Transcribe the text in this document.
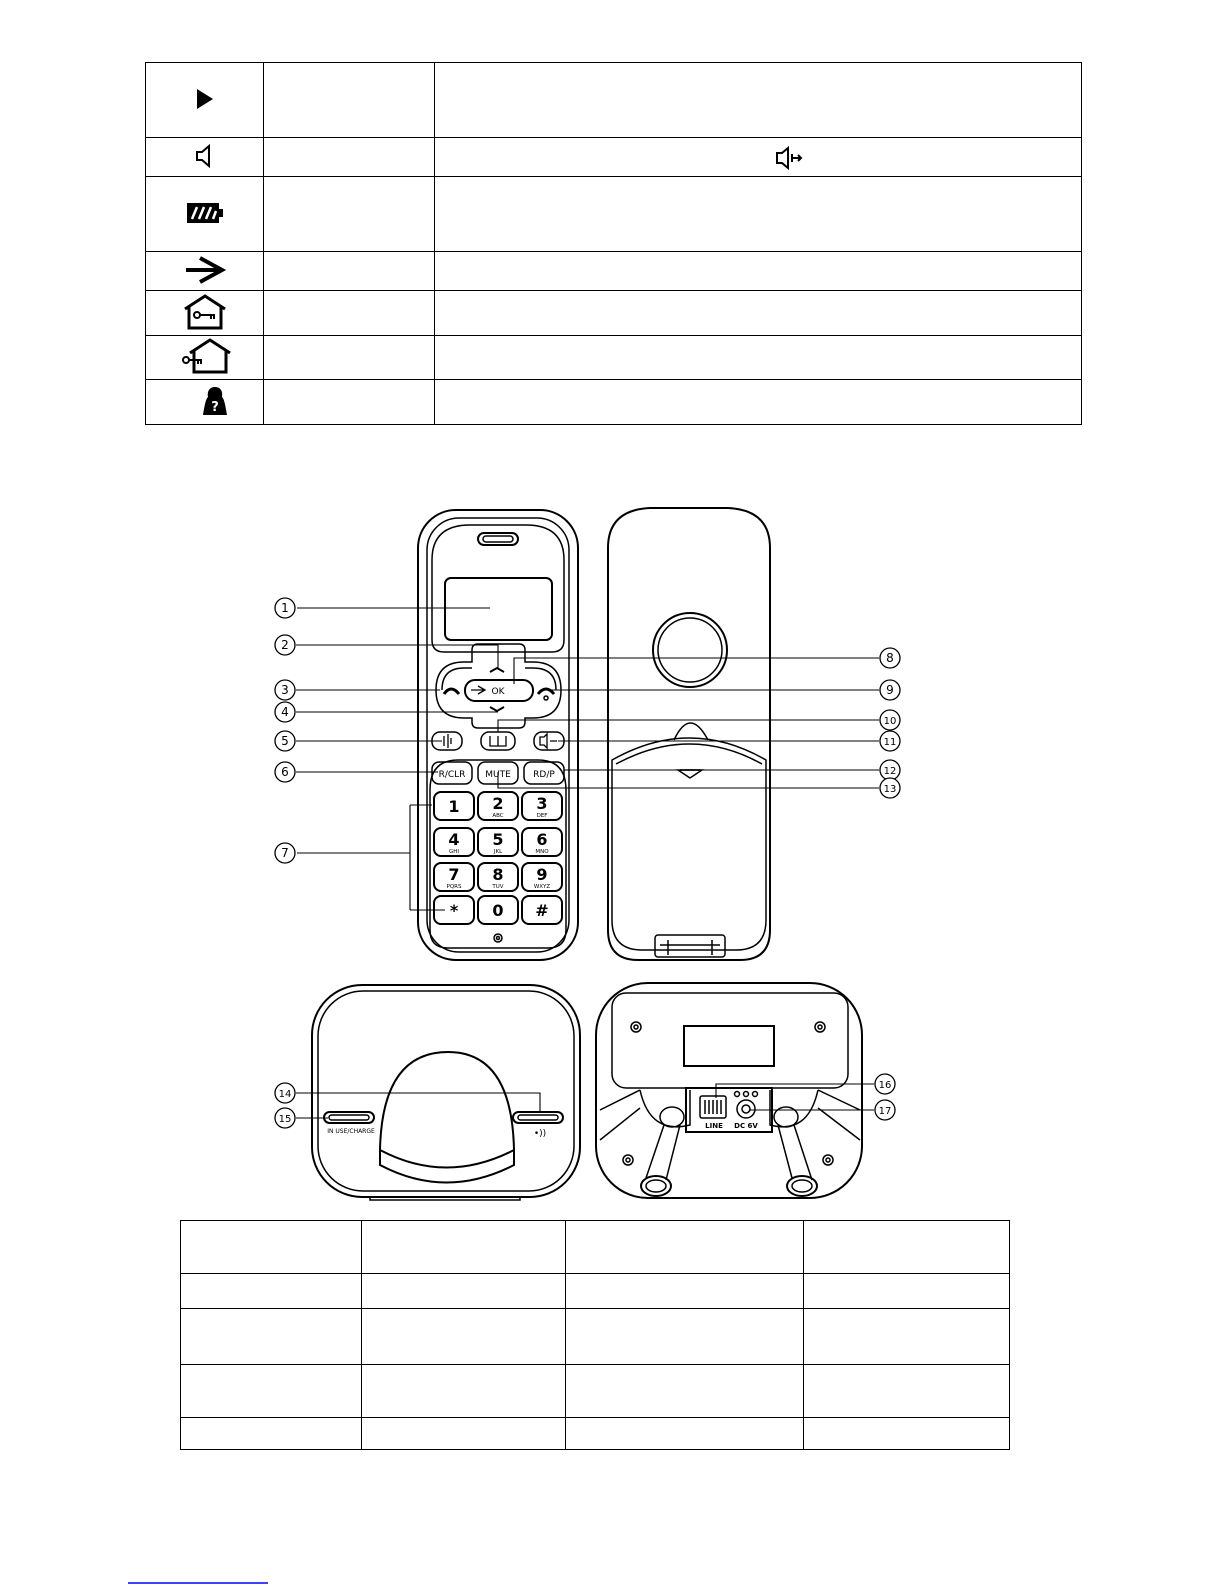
?		

1 2
ABC
3
DEF
4
GHI
5
JKL
6
MNO
7
PQRS
8
TUV
9
WXYZ
* 0 #
OK
R/CLR MUTE RD/P
IN USE/CHARGE	•))
LINE DC 6V
1
2
3
4
5
6
7
8
9
10
11
12
13
14
15
16
17
